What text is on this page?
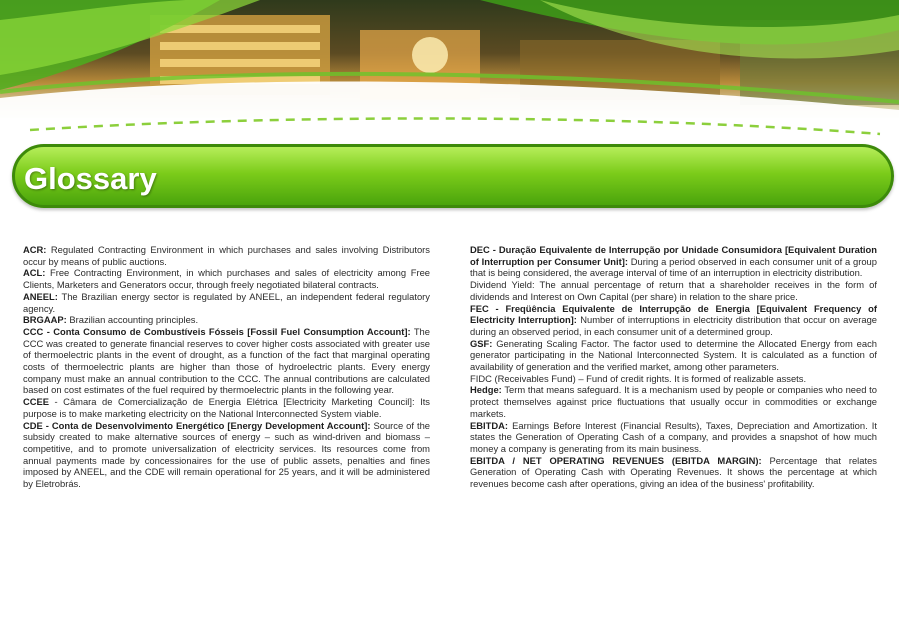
Glossary

ACR: Regulated Contracting Environment in which purchases and sales involving Distributors occur by means of public auctions.

ACL: Free Contracting Environment, in which purchases and sales of electricity among Free Clients, Marketers and Generators occur, through freely negotiated bilateral contracts.

ANEEL: The Brazilian energy sector is regulated by ANEEL, an independent federal regulatory agency.

BRGAAP: Brazilian accounting principles.

CCC - Conta Consumo de Combustíveis Fósseis [Fossil Fuel Consumption Account]: The CCC was created to generate financial reserves to cover higher costs associated with greater use of thermoelectric plants in the event of drought, as a function of the fact that marginal operating costs of thermoelectric plants are higher than those of hydroelectric plants. Every energy company must make an annual contribution to the CCC. The annual contributions are calculated based on cost estimates of the fuel required by thermoelectric plants in the following year.

CCEE - Câmara de Comercialização de Energia Elétrica [Electricity Marketing Council]: Its purpose is to make marketing electricity on the National Interconnected System viable.

CDE - Conta de Desenvolvimento Energético [Energy Development Account]: Source of the subsidy created to make alternative sources of energy – such as wind-driven and biomass – competitive, and to promote universalization of electricity services. Its resources come from annual payments made by concessionaires for the use of public assets, penalties and fines imposed by ANEEL, and the CDE will remain operational for 25 years, and it will be administered by Eletrobrás.

DEC - Duração Equivalente de Interrupção por Unidade Consumidora [Equivalent Duration of Interruption per Consumer Unit]: During a period observed in each consumer unit of a group that is being considered, the average interval of time of an interruption in electricity distribution.

Dividend Yield: The annual percentage of return that a shareholder receives in the form of dividends and Interest on Own Capital (per share) in relation to the share price.

FEC - Freqüência Equivalente de Interrupção de Energia [Equivalent Frequency of Electricity Interruption]: Number of interruptions in electricity distribution that occur on average during an observed period, in each consumer unit of a determined group.

GSF: Generating Scaling Factor. The factor used to determine the Allocated Energy from each generator participating in the National Interconnected System. It is calculated as a function of availability of generation and the verified market, among other parameters.

FIDC (Receivables Fund) – Fund of credit rights. It is formed of realizable assets.

Hedge: Term that means safeguard. It is a mechanism used by people or companies who need to protect themselves against price fluctuations that usually occur in commodities or exchange markets.

EBITDA: Earnings Before Interest (Financial Results), Taxes, Depreciation and Amortization. It states the Generation of Operating Cash of a company, and provides a snapshot of how much money a company is generating from its main business.

EBITDA / NET OPERATING REVENUES (EBITDA MARGIN): Percentage that relates Generation of Operating Cash with Operating Revenues. It shows the percentage at which revenues become cash after operations, giving an idea of the business' profitability.
